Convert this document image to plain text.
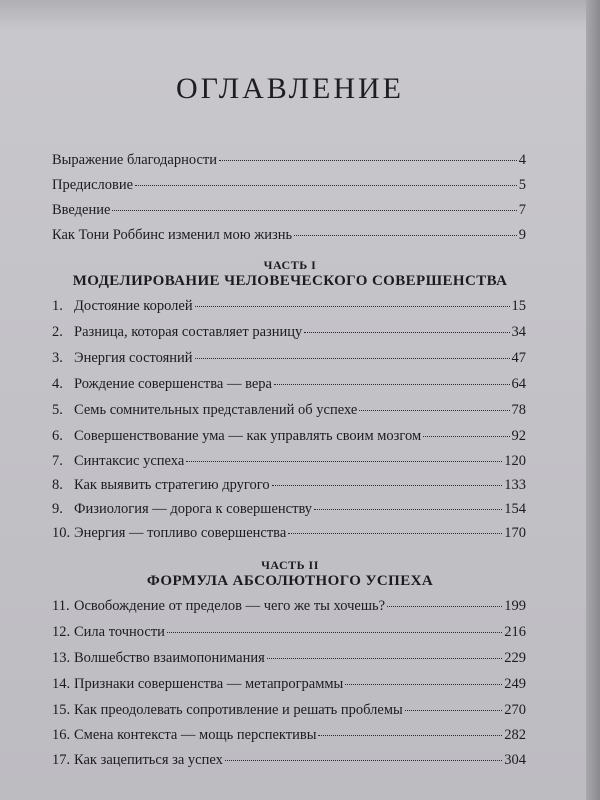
ОГЛАВЛЕНИЕ
Выражение благодарности	4
Предисловие	5
Введение	7
Как Тони Роббинс изменил мою жизнь	9
ЧАСТЬ I
МОДЕЛИРОВАНИЕ ЧЕЛОВЕЧЕСКОГО СОВЕРШЕНСТВА
1. Достояние королей	15
2. Разница, которая составляет разницу	34
3. Энергия состояний	47
4. Рождение совершенства — вера	64
5. Семь сомнительных представлений об успехе	78
6. Совершенствование ума — как управлять своим мозгом	92
7. Синтаксис успеха	120
8. Как выявить стратегию другого	133
9. Физиология — дорога к совершенству	154
10. Энергия — топливо совершенства	170
ЧАСТЬ II
ФОРМУЛА АБСОЛЮТНОГО УСПЕХА
11. Освобождение от пределов — чего же ты хочешь?	199
12. Сила точности	216
13. Волшебство взаимопонимания	229
14. Признаки совершенства — метапрограммы	249
15. Как преодолевать сопротивление и решать проблемы	270
16. Смена контекста — мощь перспективы	282
17. Как зацепиться за успех	304
